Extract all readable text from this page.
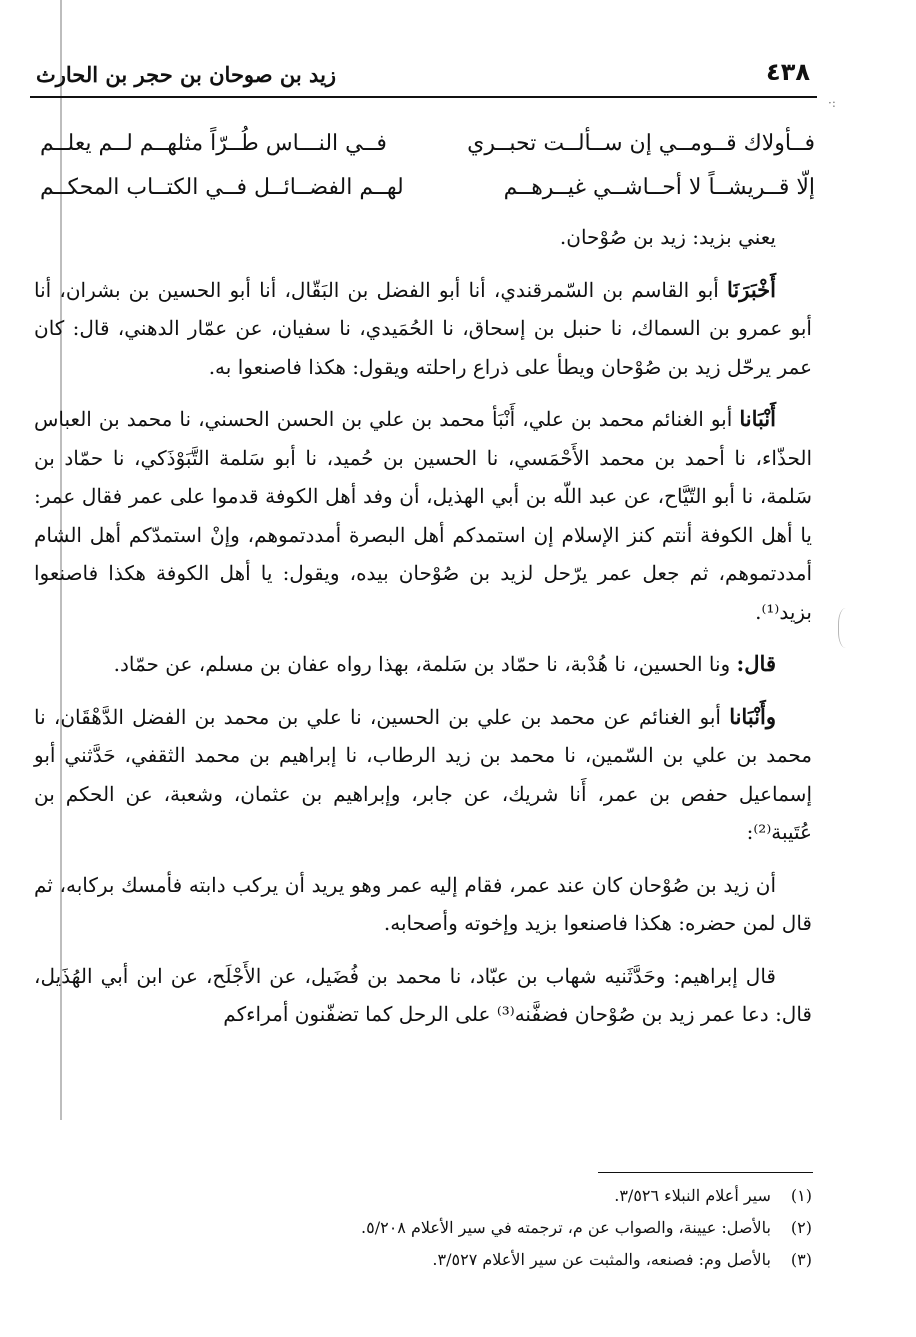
·:
٤٣٨
زيد بن صوحان بن حجر بن الحارث
فــأولاك قــومــي إن ســألــت تحبــري
فــي النـــاس طُــرّاً مثلهــم لــم يعلــم
إلّا قــريشــاً لا أحــاشــي غيــرهــم
لهــم الفضــائــل فــي الكتــاب المحكــم

يعني بزيد: زيد بن صُوْحان.

أَخْبَرَنَا أبو القاسم بن السّمرقندي، أنا أبو الفضل بن البَقّال، أنا أبو الحسين بن بشران، أنا أبو عمرو بن السماك، نا حنبل بن إسحاق، نا الحُمَيدي، نا سفيان، عن عمّار الدهني، قال: كان عمر يرحّل زيد بن صُوْحان ويطأ على ذراع راحلته ويقول: هكذا فاصنعوا به.

أَنْبَانا أبو الغنائم محمد بن علي، أَنْبَأ محمد بن علي بن الحسن الحسني، نا محمد بن العباس الحذّاء، نا أحمد بن محمد الأَحْمَسي، نا الحسين بن حُميد، نا أبو سَلمة التَّبَوْذَكي، نا حمّاد بن سَلمة، نا أبو التّيَّاح، عن عبد اللّه بن أبي الهذيل، أن وفد أهل الكوفة قدموا على عمر فقال عمر: يا أهل الكوفة أنتم كنز الإسلام إن استمدكم أهل البصرة أمددتموهم، وإنْ استمدّكم أهل الشام أمددتموهم، ثم جعل عمر يرّحل لزيد بن صُوْحان بيده، ويقول: يا أهل الكوفة هكذا فاصنعوا بزيد⁽¹⁾.

قال: ونا الحسين، نا هُدْبة، نا حمّاد بن سَلمة، بهذا رواه عفان بن مسلم، عن حمّاد.

وأَنْبَانا أبو الغنائم عن محمد بن علي بن الحسين، نا علي بن محمد بن الفضل الدَّهْقَان، نا محمد بن علي بن السّمين، نا محمد بن زيد الرطاب، نا إبراهيم بن محمد الثقفي، حَدَّثني أبو إسماعيل حفص بن عمر، أَنا شريك، عن جابر، وإبراهيم بن عثمان، وشعبة، عن الحكم بن عُتَيبة⁽²⁾:

أن زيد بن صُوْحان كان عند عمر، فقام إليه عمر وهو يريد أن يركب دابته فأمسك بركابه، ثم قال لمن حضره: هكذا فاصنعوا بزيد وإخوته وأصحابه.

قال إبراهيم: وحَدَّثَنيه شهاب بن عبّاد، نا محمد بن فُضَيل، عن الأَجْلَح، عن ابن أبي الهُذَيل، قال: دعا عمر زيد بن صُوْحان فضفَّنه⁽³⁾ على الرحل كما تضفّنون أمراءكم

(١) سير أعلام النبلاء ٣/٥٢٦.
(٢) بالأصل: عيينة، والصواب عن م، ترجمته في سير الأعلام ٥/٢٠٨.
(٣) بالأصل وم: فصنعه، والمثبت عن سير الأعلام ٣/٥٢٧.
